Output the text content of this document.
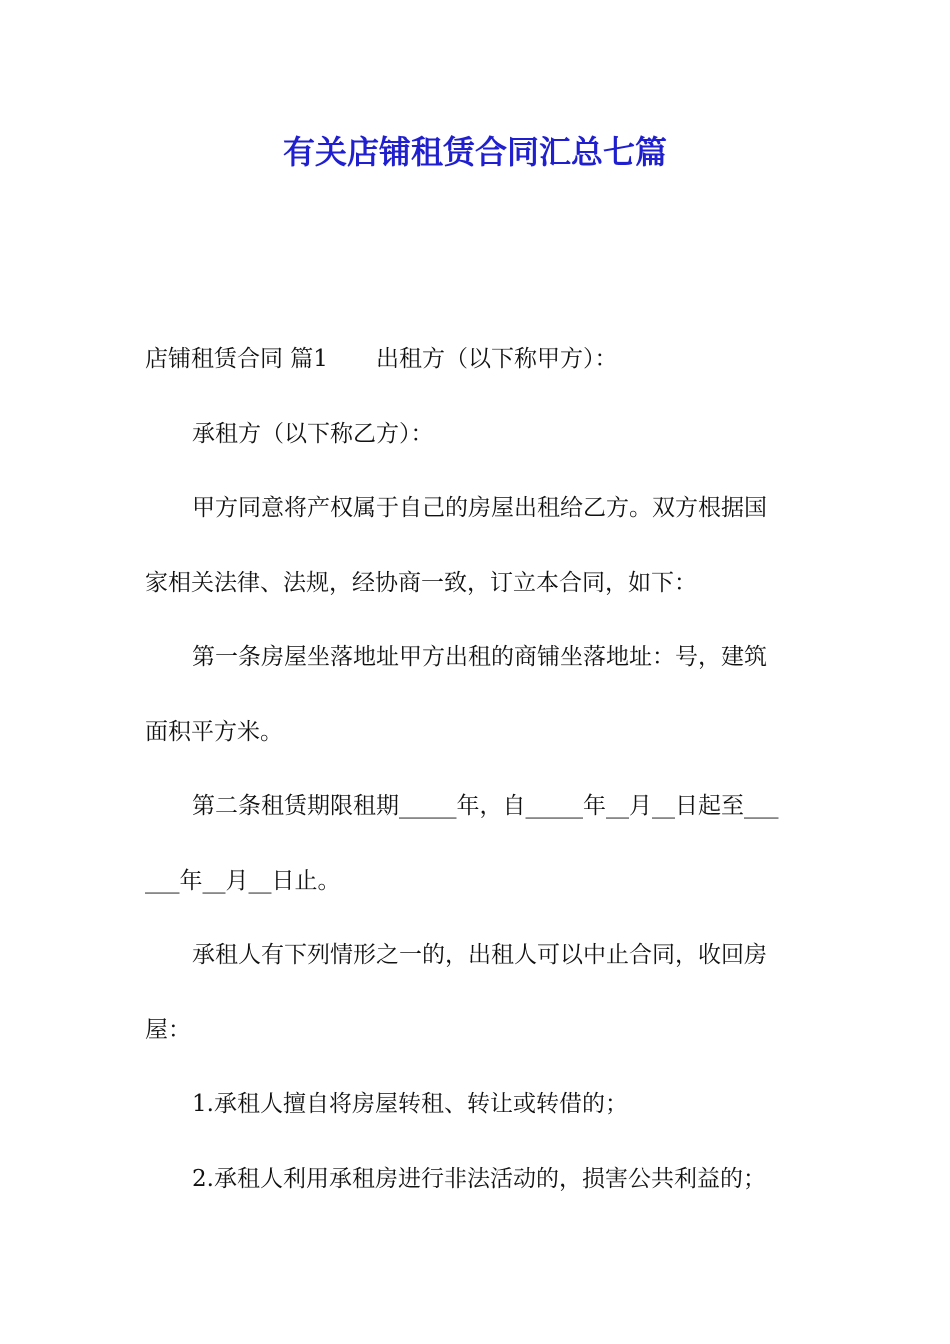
有关店铺租赁合同汇总七篇
店铺租赁合同 篇1 出租方（以下称甲方）：
承租方（以下称乙方）：
甲方同意将产权属于自己的房屋出租给乙方。双方根据国
家相关法律、法规，经协商一致，订立本合同，如下：
第一条房屋坐落地址甲方出租的商铺坐落地址：号，建筑
面积平方米。
第二条租赁期限租期_____年，自_____年__月__日起至___
___年__月__日止。
承租人有下列情形之一的，出租人可以中止合同，收回房
屋：
1.承租人擅自将房屋转租、转让或转借的；
2.承租人利用承租房进行非法活动的，损害公共利益的；
